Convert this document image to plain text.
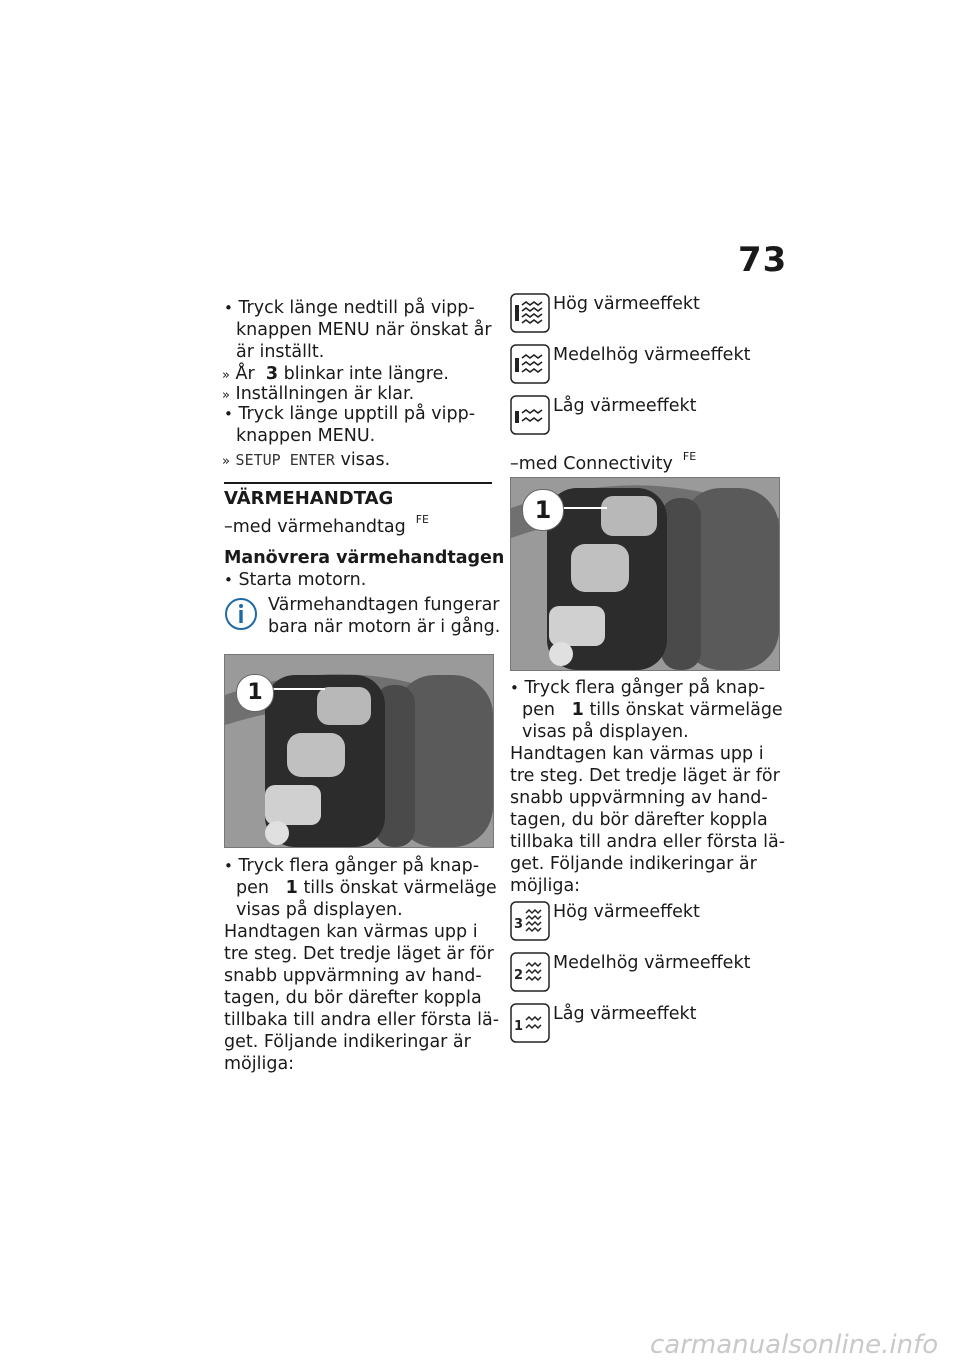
73
• Tryck länge nedtill på vipp-
knappen MENU när önskat år
är inställt.
» År 3 blinkar inte längre.
» Inställningen är klar.
• Tryck länge upptill på vipp-
knappen MENU.
» SETUP ENTER visas.
VÄRMEHANDTAG
–med värmehandtag $^{FE}$
Manövrera värmehandtagen
• Starta motorn.
Värmehandtagen fungerar
bara när motorn är i gång.
1
• Tryck flera gånger på knap-
pen 1 tills önskat värmeläge
visas på displayen.
Handtagen kan värmas upp i
tre steg. Det tredje läget är för
snabb uppvärmning av hand-
tagen, du bör därefter koppla
tillbaka till andra eller första lä-
get. Följande indikeringar är
möjliga:
Hög värmeeffekt
Medelhög värmeeffekt
Låg värmeeffekt
–med Connectivity $^{FE}$
1
• Tryck flera gånger på knap-
pen 1 tills önskat värmeläge
visas på displayen.
Handtagen kan värmas upp i
tre steg. Det tredje läget är för
snabb uppvärmning av hand-
tagen, du bör därefter koppla
tillbaka till andra eller första lä-
get. Följande indikeringar är
möjliga:
3
Hög värmeeffekt
2
Medelhög värmeeffekt
1
Låg värmeeffekt
carmanualsonline.info
